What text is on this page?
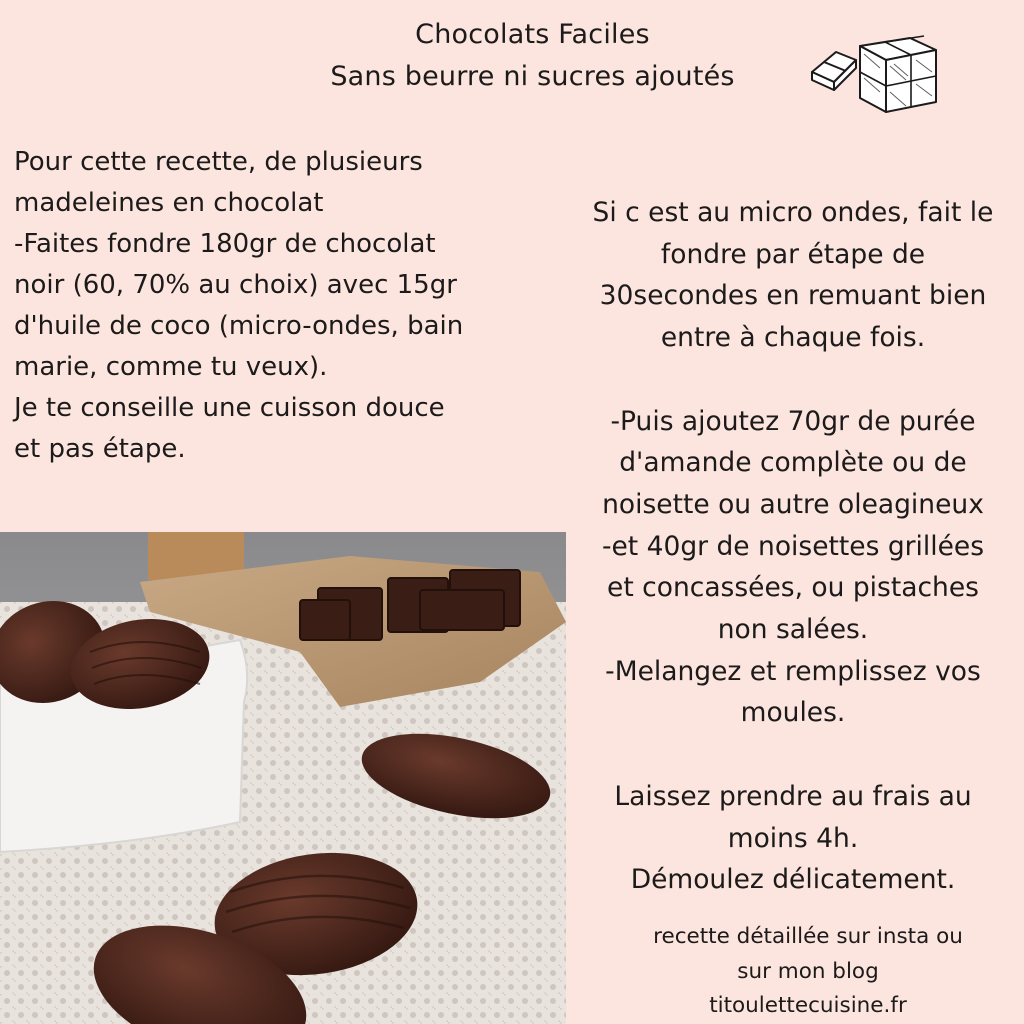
Chocolats Faciles
Sans beurre ni sucres ajoutés
Pour cette recette, de plusieurs
madeleines en chocolat
-Faites fondre 180gr de chocolat
noir (60, 70% au choix) avec 15gr
d'huile de coco (micro-ondes, bain
marie, comme tu veux).
Je te conseille une cuisson douce
et pas étape.
Si c est au micro ondes, fait le
fondre par étape de
30secondes en remuant bien
entre à chaque fois.
-Puis ajoutez 70gr de purée
d'amande complète ou de
noisette ou autre oleagineux
-et 40gr de noisettes grillées
et concassées, ou pistaches
non salées.
-Melangez et remplissez vos
moules.
Laissez prendre au frais au
moins 4h.
Démoulez délicatement.
recette détaillée sur insta ou
sur mon blog
titoulettecuisine.fr
